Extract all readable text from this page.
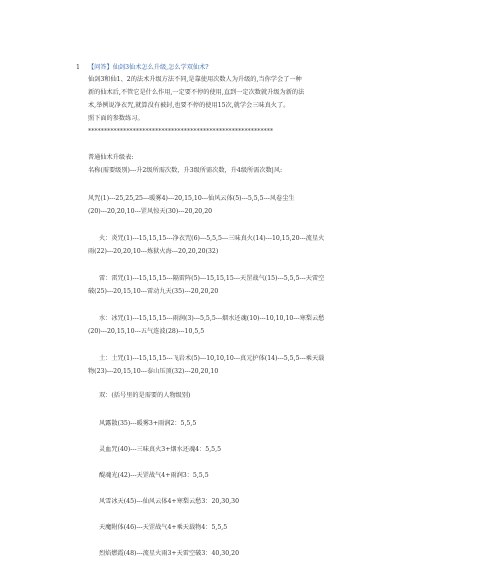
1 【问答】仙剑3仙术怎么升级,怎么学双仙术?
仙剑3和仙1、2的法术升级方法不同,是靠使用次数人为升级的,当你学会了一种
新的仙术后,不管它是什么作用,一定要不停的使用,直到一定次数就升级为新的法
术,举例说净衣咒,就算没有被封,也要不停的使用15次,就学会三味真火了。
照下面的参数练习。
**********************************************************
普通仙术升级表:
名称(需要级别)---升2级所需次数，升3级所需次数，升4级所需次数|风:
风咒(1)---25,25,25---暖雾4)---20,15,10---仙风云体(5)---5,5,5---风卷尘生
(20)---20,20,10---罡风惊天(30)---20,20,20
火：炎咒(1)---15,15,15---净衣咒(6)---5,5,5---三味真火(14)---10,15,20---流星火
雨(22)---20,20,10---炼狱火海---20,20,20(32)
雷：雷咒(1)---15,15,15---隔雷阵(5)---15,15,15---天罡战气(15)---5,5,5---天雷空
破(25)---20,15,10---雷动九天(35)---20,20,20
水：冰咒(1)---15,15,15---雨润(3)---5,5,5---烟水还魂(10)---10,10,10---寒梨云愁
(20)---20,15,10---五气连波(28)---10,5,5
土：土咒(1)---15,15,15---飞岩术(5)---10,10,10---真元护体(14)---5,5,5---乘天载
物(23)---20,15,10---泰山压顶(32)---20,20,10
双：(括号里的是需要的人物级别)
风露散(35)---暖雾3+雨润2：5,5,5
灵血咒(40)---三味真火3+烟水还魂4：5,5,5
醍魂光(42)---天罡战气4+雨润3：5,5,5
风雪冰天(45)---仙风云体4+寒梨云愁3：20,30,30
天魔附体(46)---天罡战气4+乘天载物4：5,5,5
烈焰燃霞(48)---流星火雨3+天雷空破3：40,30,20
